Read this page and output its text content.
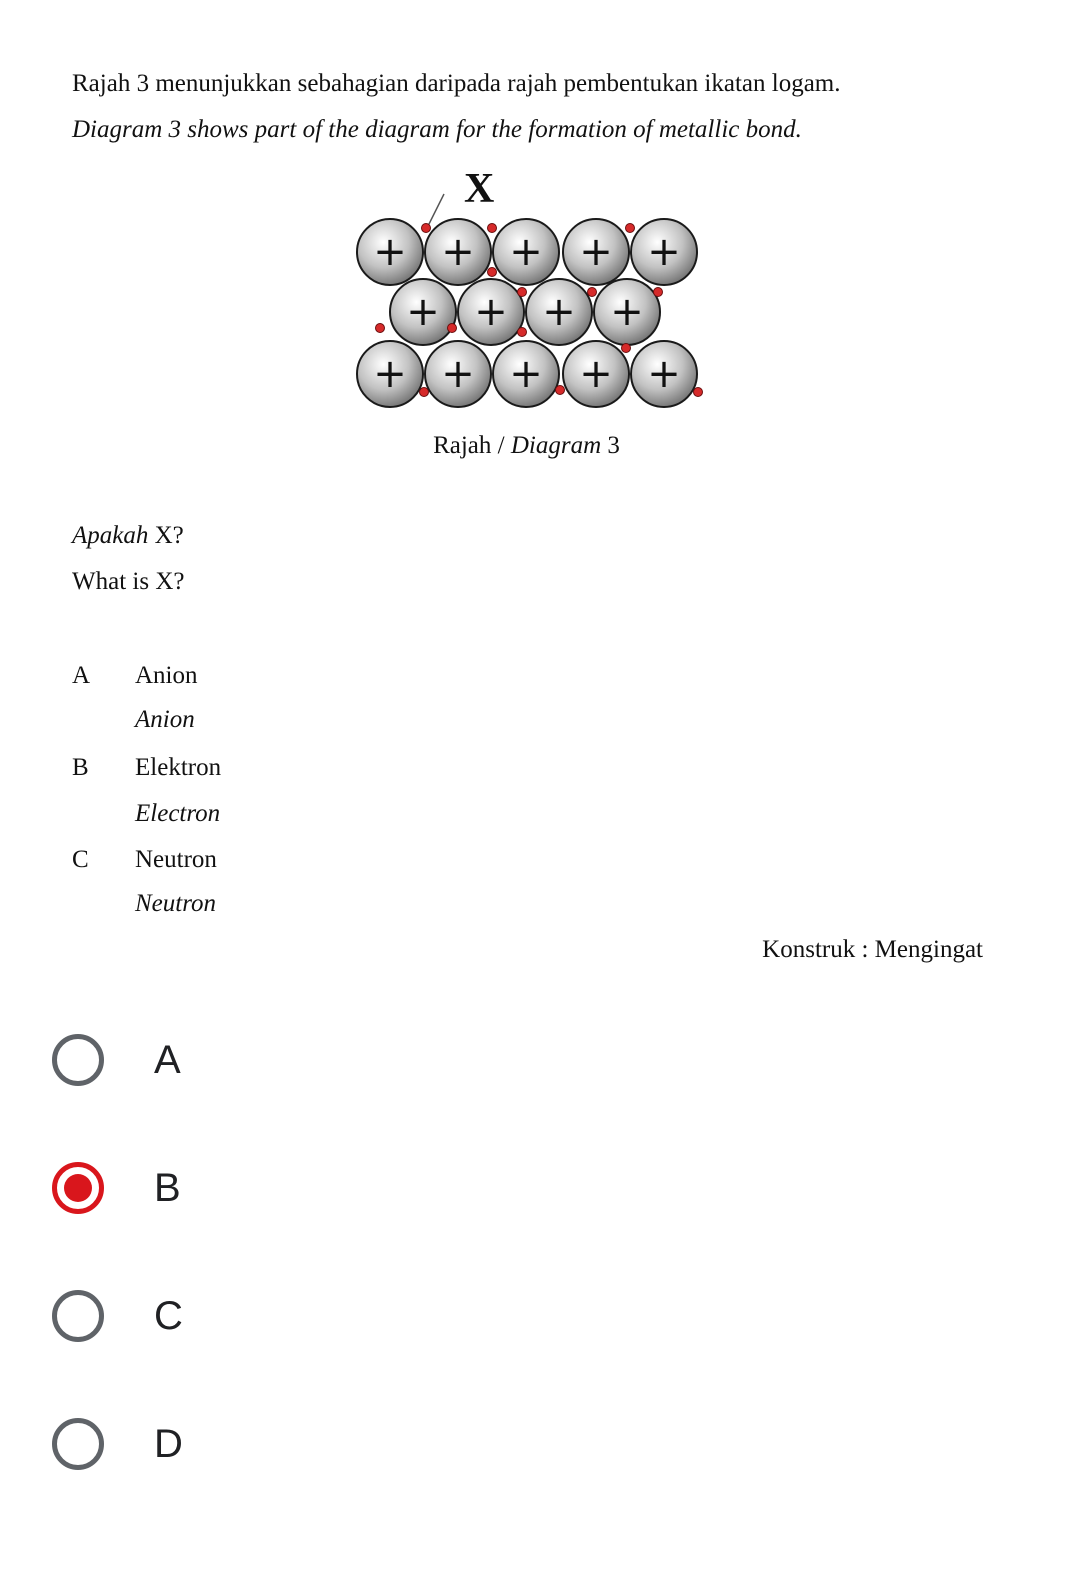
Rajah 3 menunjukkan sebahagian daripada rajah pembentukan ikatan logam.
Diagram 3 shows part of the diagram for the formation of metallic bond.
X
+ + + + +
+ + + +
+ + + + +
Rajah / Diagram 3
Apakah X?
What is X?
A Anion
Anion
B Elektron
Electron
C Neutron
Neutron
Konstruk : Mengingat
A
B
C
D
